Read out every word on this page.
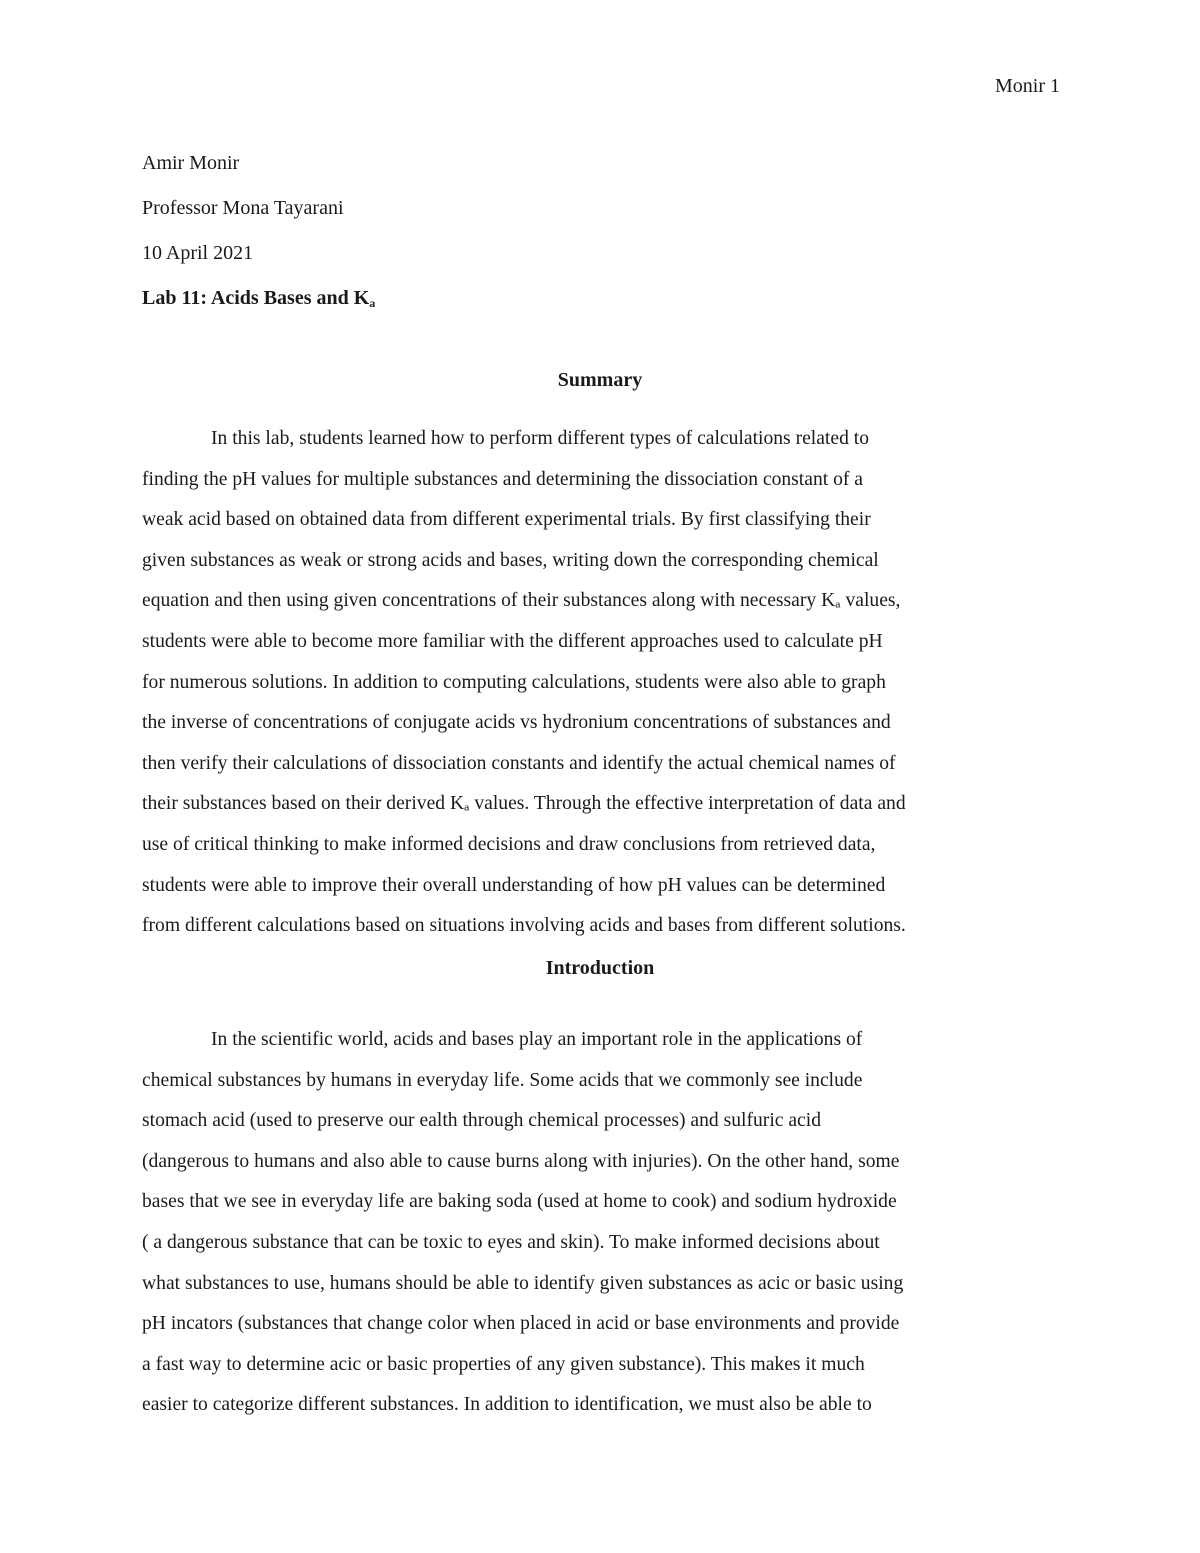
Monir 1
Amir Monir
Professor Mona Tayarani
10 April 2021
Lab 11: Acids Bases and Ka
Summary

In this lab, students learned how to perform different types of calculations related to
finding the pH values for multiple substances and determining the dissociation constant of a
weak acid based on obtained data from different experimental trials. By first classifying their
given substances as weak or strong acids and bases, writing down the corresponding chemical
equation and then using given concentrations of their substances along with necessary Kₐ values,
students were able to become more familiar with the different approaches used to calculate pH
for numerous solutions. In addition to computing calculations, students were also able to graph
the inverse of concentrations of conjugate acids vs hydronium concentrations of substances and
then verify their calculations of dissociation constants and identify the actual chemical names of
their substances based on their derived Kₐ values. Through the effective interpretation of data and
use of critical thinking to make informed decisions and draw conclusions from retrieved data,
students were able to improve their overall understanding of how pH values can be determined
from different calculations based on situations involving acids and bases from different solutions.

Introduction

In the scientific world, acids and bases play an important role in the applications of
chemical substances by humans in everyday life. Some acids that we commonly see include
stomach acid (used to preserve our ealth through chemical processes) and sulfuric acid
(dangerous to humans and also able to cause burns along with injuries). On the other hand, some
bases that we see in everyday life are baking soda (used at home to cook) and sodium hydroxide
( a dangerous substance that can be toxic to eyes and skin). To make informed decisions about
what substances to use, humans should be able to identify given substances as acic or basic using
pH incators (substances that change color when placed in acid or base environments and provide
a fast way to determine acic or basic properties of any given substance). This makes it much
easier to categorize different substances. In addition to identification, we must also be able to
